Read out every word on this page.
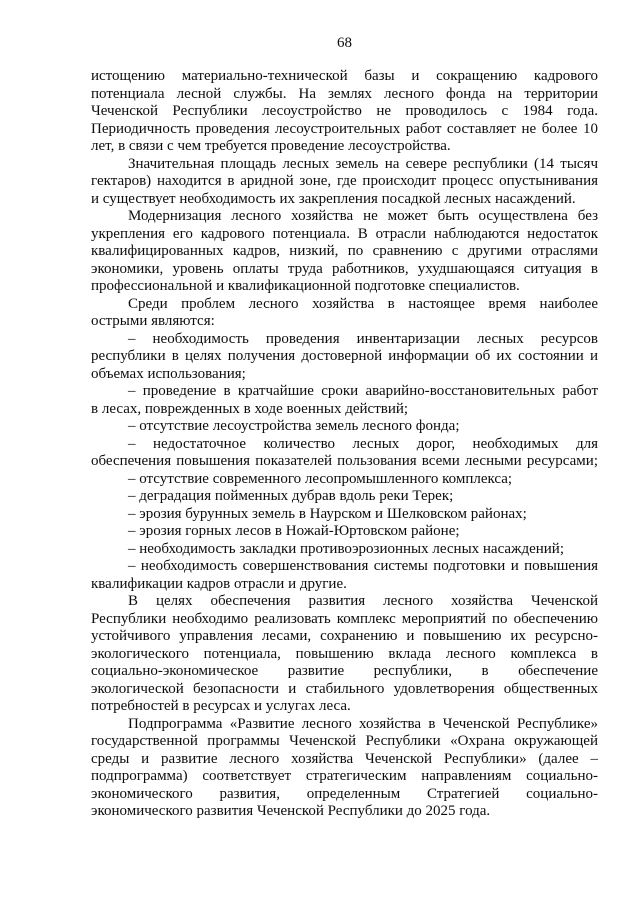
68
истощению материально-технической базы и сокращению кадрового
потенциала лесной службы. На землях лесного фонда на территории
Чеченской Республики лесоустройство не проводилось с 1984 года.
Периодичность проведения лесоустроительных работ составляет не более 10
лет, в связи с чем требуется проведение лесоустройства.
Значительная площадь лесных земель на севере республики (14 тысяч
гектаров) находится в аридной зоне, где происходит процесс опустынивания
и существует необходимость их закрепления посадкой лесных насаждений.
Модернизация лесного хозяйства не может быть осуществлена без
укрепления его кадрового потенциала. В отрасли наблюдаются недостаток
квалифицированных кадров, низкий, по сравнению с другими отраслями
экономики, уровень оплаты труда работников, ухудшающаяся ситуация в
профессиональной и квалификационной подготовке специалистов.
Среди проблем лесного хозяйства в настоящее время наиболее
острыми являются:
– необходимость проведения инвентаризации лесных ресурсов
республики в целях получения достоверной информации об их состоянии и
объемах использования;
– проведение в кратчайшие сроки аварийно-восстановительных работ
в лесах, поврежденных в ходе военных действий;
– отсутствие лесоустройства земель лесного фонда;
– недостаточное количество лесных дорог, необходимых для
обеспечения повышения показателей пользования всеми лесными ресурсами;
– отсутствие современного лесопромышленного комплекса;
– деградация пойменных дубрав вдоль реки Терек;
– эрозия бурунных земель в Наурском и Шелковском районах;
– эрозия горных лесов в Ножай-Юртовском районе;
– необходимость закладки противоэрозионных лесных насаждений;
– необходимость совершенствования системы подготовки и повышения
квалификации кадров отрасли и другие.
В целях обеспечения развития лесного хозяйства Чеченской
Республики необходимо реализовать комплекс мероприятий по обеспечению
устойчивого управления лесами, сохранению и повышению их ресурсно-
экологического потенциала, повышению вклада лесного комплекса в
социально-экономическое развитие республики, в обеспечение
экологической безопасности и стабильного удовлетворения общественных
потребностей в ресурсах и услугах леса.
Подпрограмма «Развитие лесного хозяйства в Чеченской Республике»
государственной программы Чеченской Республики «Охрана окружающей
среды и развитие лесного хозяйства Чеченской Республики» (далее –
подпрограмма) соответствует стратегическим направлениям социально-
экономического развития, определенным Стратегией социально-
экономического развития Чеченской Республики до 2025 года.
